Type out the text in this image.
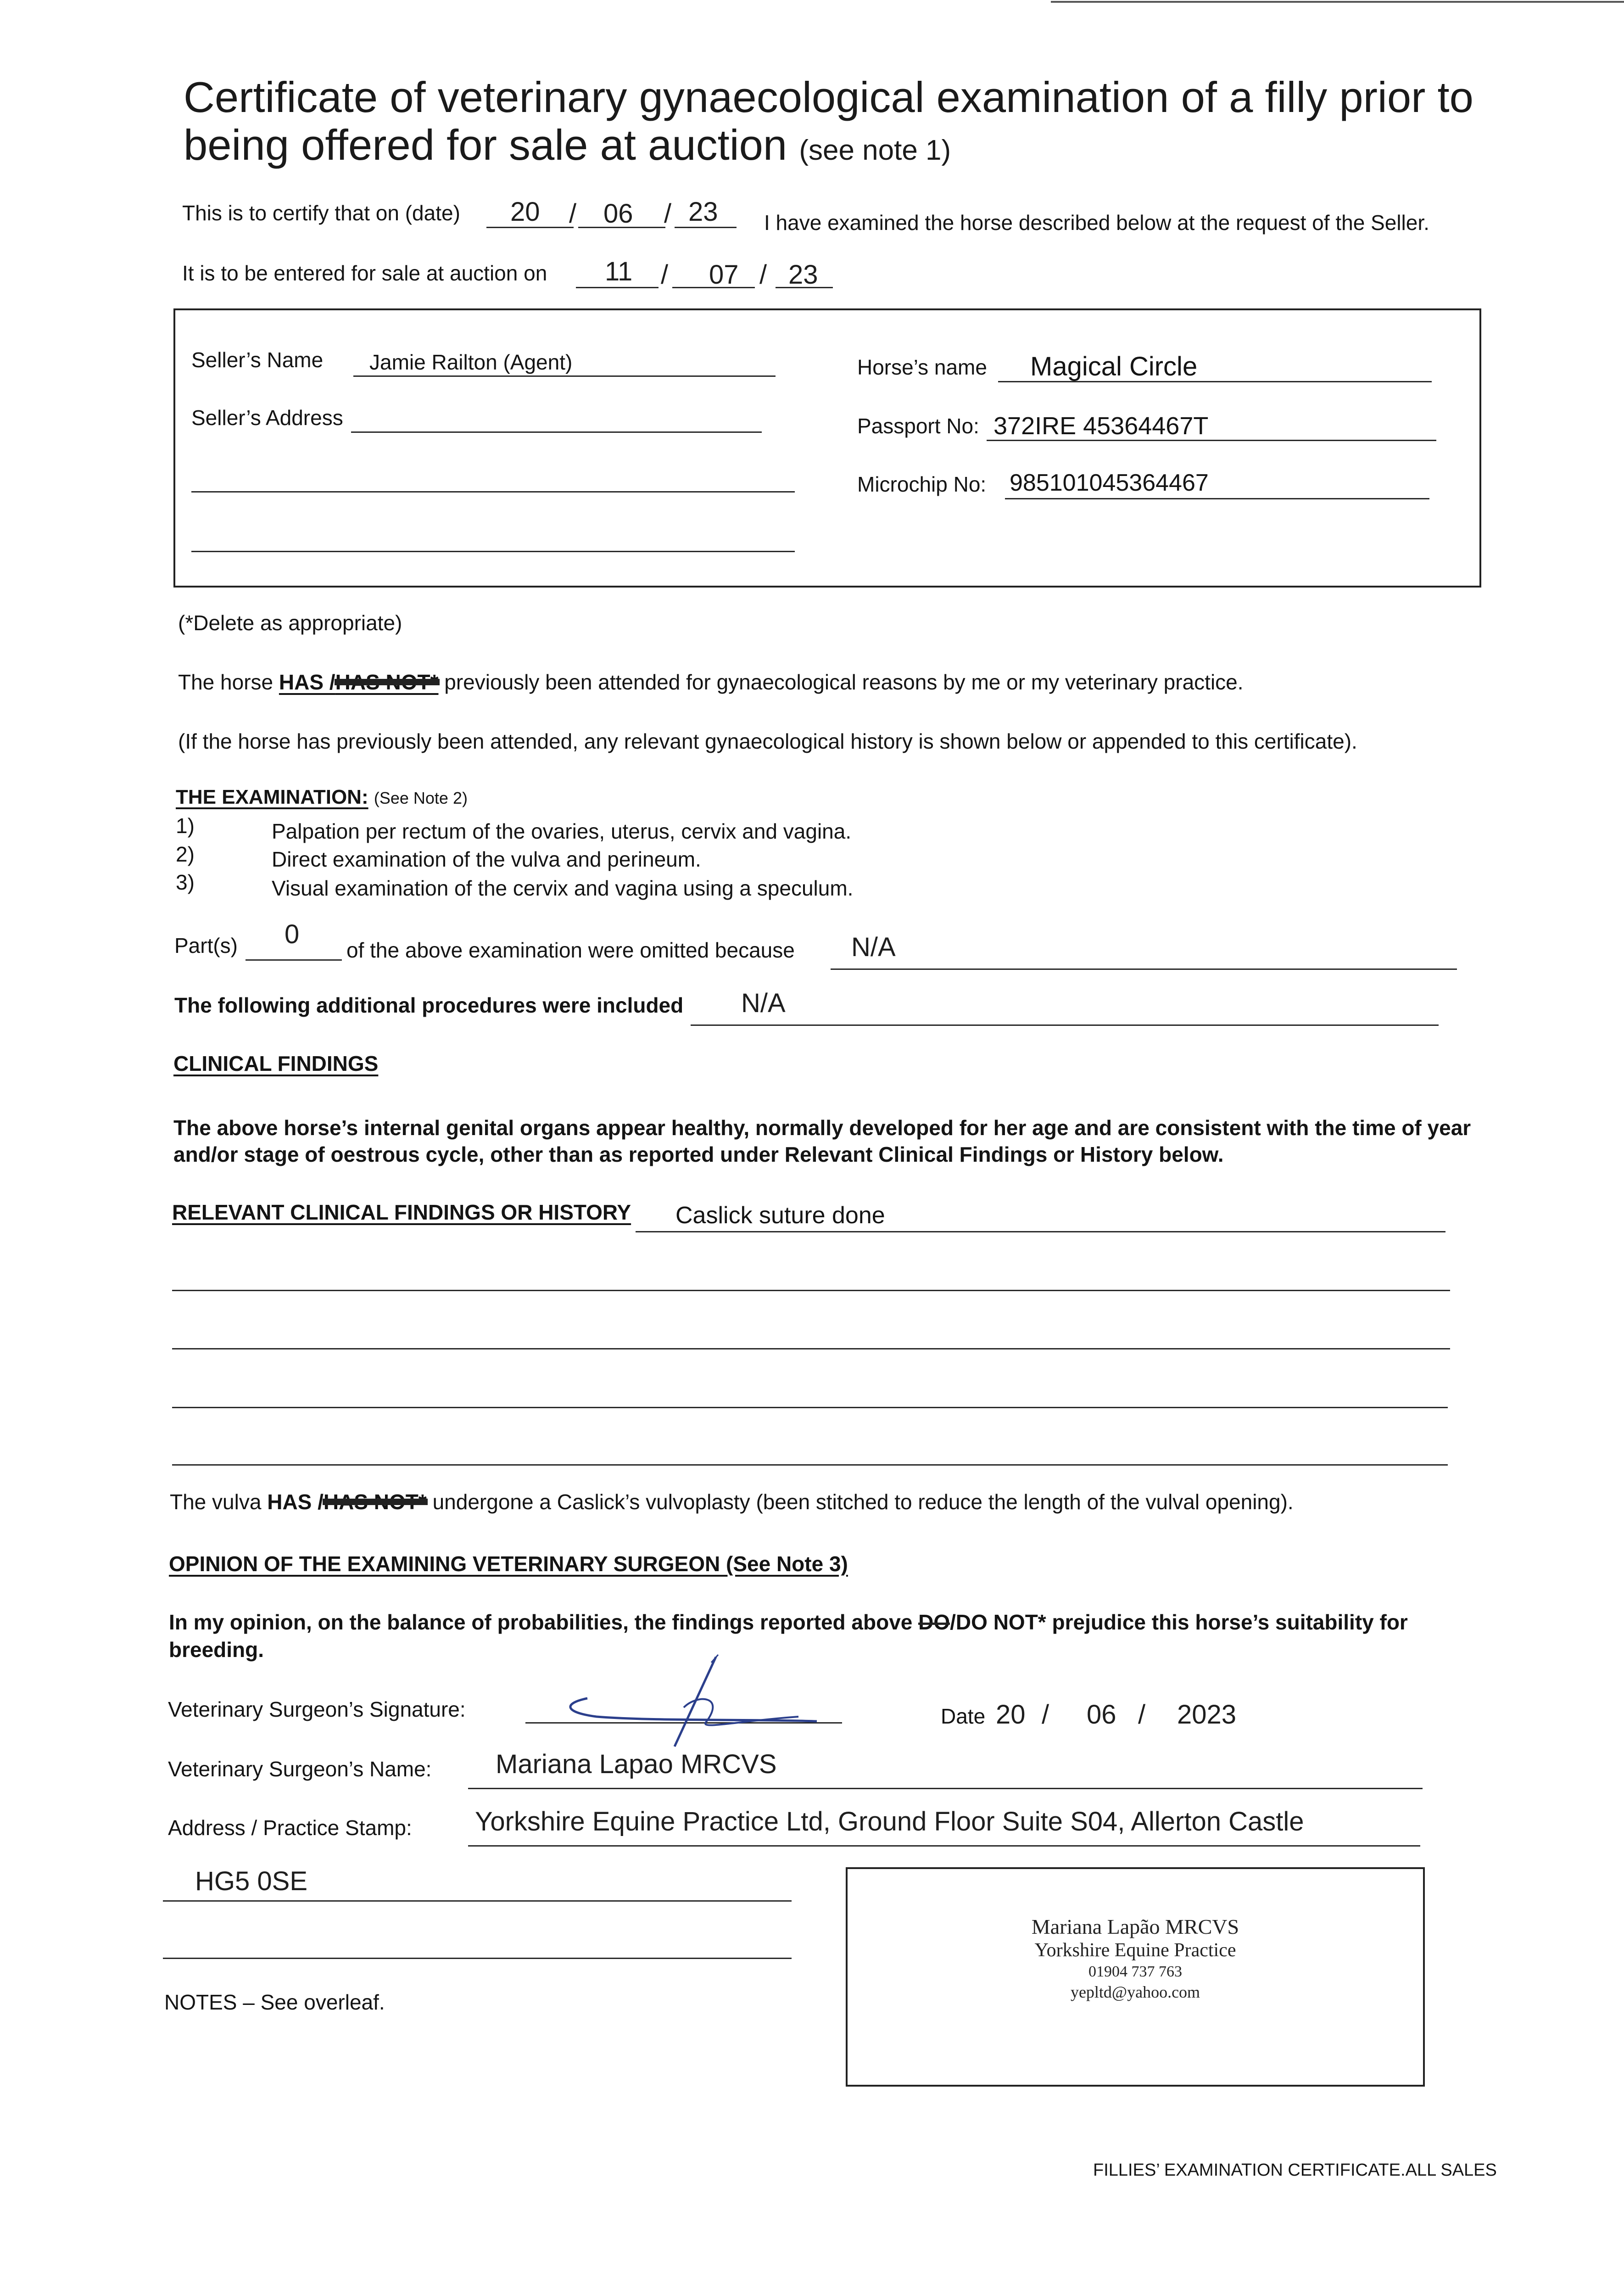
Certificate of veterinary gynaecological examination of a filly prior to being offered for sale at auction (see note 1)
This is to certify that on (date) 20 / 06 / 23 I have examined the horse described below at the request of the Seller.
It is to be entered for sale at auction on 11 / 07 / 23
Seller’s Name Jamie Railton (Agent)
Seller’s Address
Horse’s name Magical Circle
Passport No: 372IRE 45364467T
Microchip No: 985101045364467
(*Delete as appropriate)
The horse HAS /HAS NOT* previously been attended for gynaecological reasons by me or my veterinary practice.
(If the horse has previously been attended, any relevant gynaecological history is shown below or appended to this certificate).
THE EXAMINATION: (See Note 2)
1)	Palpation per rectum of the ovaries, uterus, cervix and vagina.
2)	Direct examination of the vulva and perineum.
3)	Visual examination of the cervix and vagina using a speculum.
Part(s) 0
of the above examination were omitted because N/A
The following additional procedures were included N/A
CLINICAL FINDINGS
The above horse’s internal genital organs appear healthy, normally developed for her age and are consistent with the time of year and/or stage of oestrous cycle, other than as reported under Relevant Clinical Findings or History below.
RELEVANT CLINICAL FINDINGS OR HISTORY Caslick suture done
The vulva HAS /HAS NOT* undergone a Caslick’s vulvoplasty (been stitched to reduce the length of the vulval opening).
OPINION OF THE EXAMINING VETERINARY SURGEON (See Note 3)
In my opinion, on the balance of probabilities, the findings reported above DO/DO NOT* prejudice this horse’s suitability for
breeding.
Veterinary Surgeon’s Signature:	Date 20 / 06 / 2023
Veterinary Surgeon’s Name: Mariana Lapao MRCVS
Address / Practice Stamp: Yorkshire Equine Practice Ltd, Ground Floor Suite S04, Allerton Castle
HG5 0SE
Mariana Lapão MRCVS
Yorkshire Equine Practice
01904 737 763
yepltd@yahoo.com
NOTES – See overleaf.
FILLIES’ EXAMINATION CERTIFICATE.ALL SALES
